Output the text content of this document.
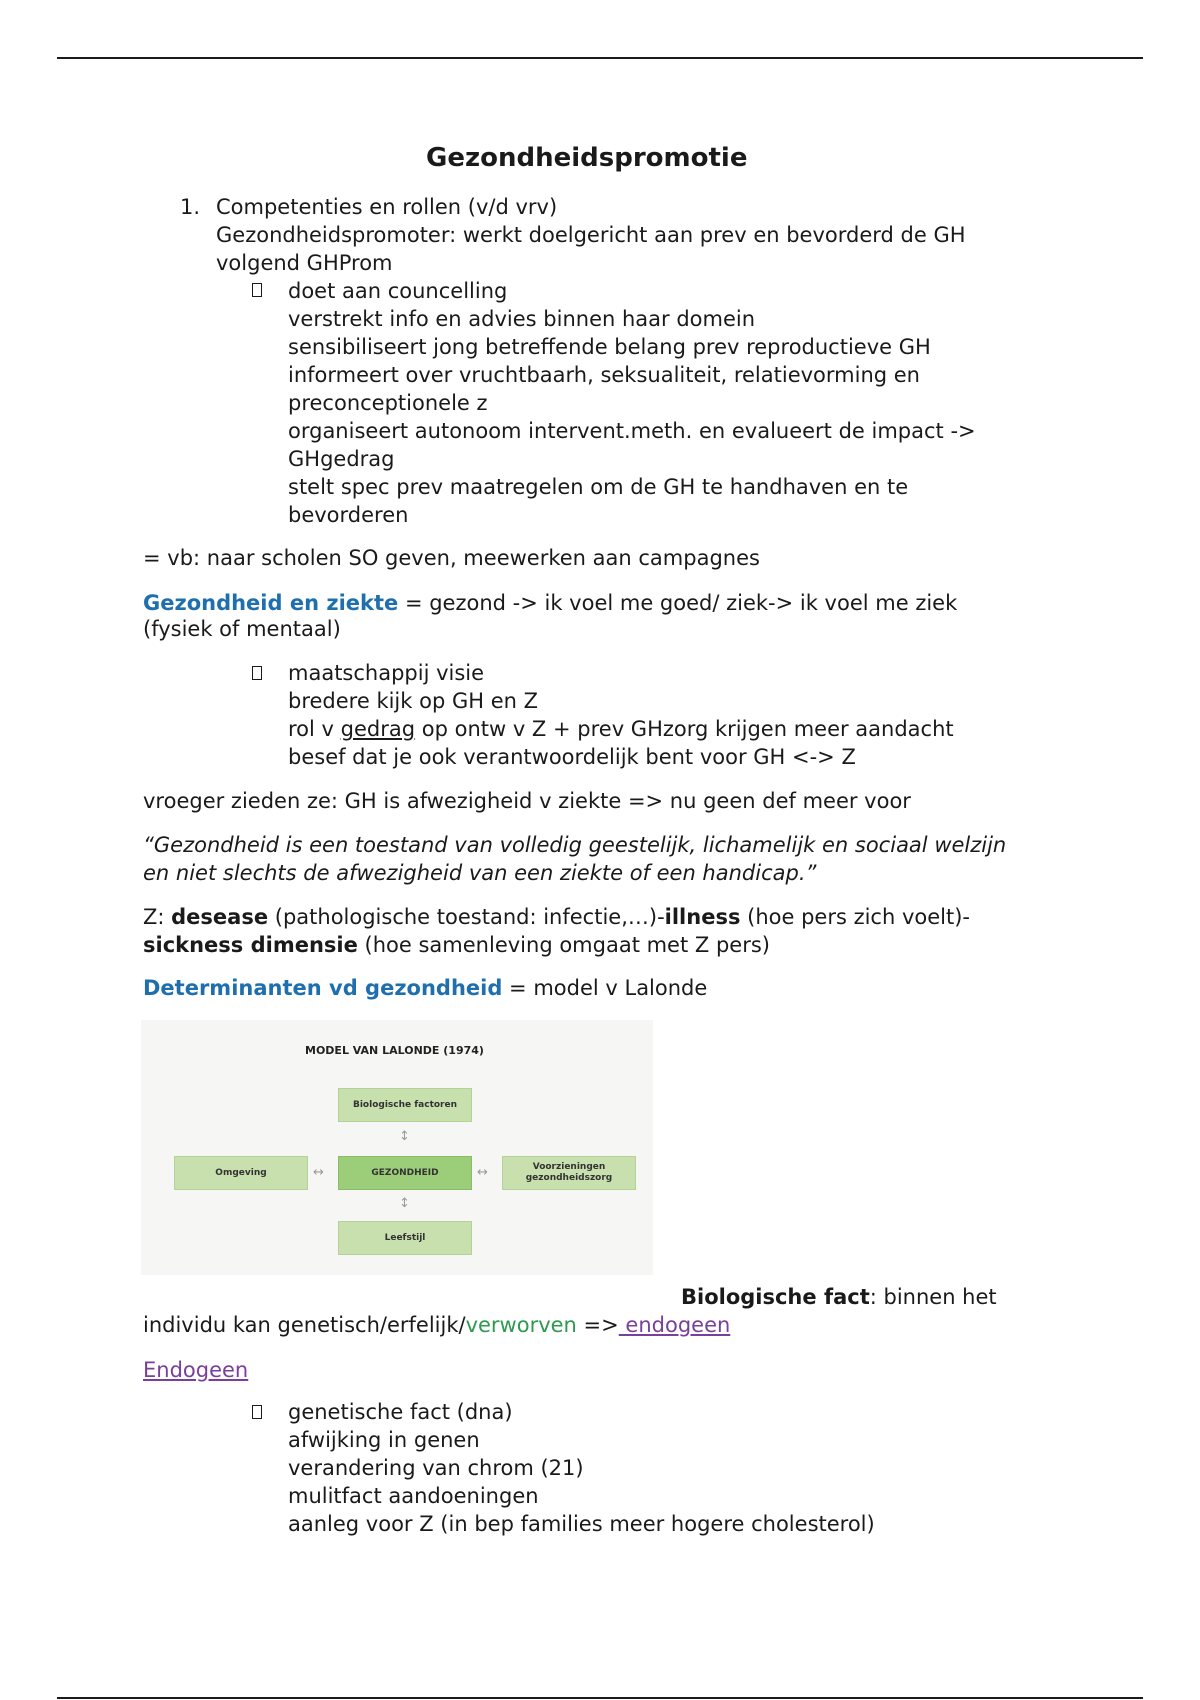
Gezondheidspromotie

1. Competenties en rollen (v/d vrv)

Gezondheidspromoter: werkt doelgericht aan prev en bevorderd de GH

volgend GHProm

doet aan councelling

verstrekt info en advies binnen haar domein

sensibiliseert jong betreffende belang prev reproductieve GH

informeert over vruchtbaarh, seksualiteit, relatievorming en

preconceptionele z

organiseert autonoom intervent.meth. en evalueert de impact ->

GHgedrag

stelt spec prev maatregelen om de GH te handhaven en te

bevorderen

= vb: naar scholen SO geven, meewerken aan campagnes

Gezondheid en ziekte = gezond -> ik voel me goed/ ziek-> ik voel me ziek

(fysiek of mentaal)

maatschappij visie

bredere kijk op GH en Z

rol v gedrag op ontw v Z + prev GHzorg krijgen meer aandacht

besef dat je ook verantwoordelijk bent voor GH <-> Z

vroeger zieden ze: GH is afwezigheid v ziekte => nu geen def meer voor

“Gezondheid is een toestand van volledig geestelijk, lichamelijk en sociaal welzijn

en niet slechts de afwezigheid van een ziekte of een handicap.”

Z: desease (pathologische toestand: infectie,…)-illness (hoe pers zich voelt)-

sickness dimensie (hoe samenleving omgaat met Z pers)

Determinanten vd gezondheid = model v Lalonde

MODEL VAN LALONDE (1974)
Biologische factoren
Omgeving	GEZONDHEID
Voorzieningen gezondheidszorg
Leefstijl
↕
↕
↔	↔

Biologische fact: binnen het

individu kan genetisch/erfelijk/verworven => endogeen

Endogeen

genetische fact (dna)

afwijking in genen

verandering van chrom (21)

mulitfact aandoeningen

aanleg voor Z (in bep families meer hogere cholesterol)
